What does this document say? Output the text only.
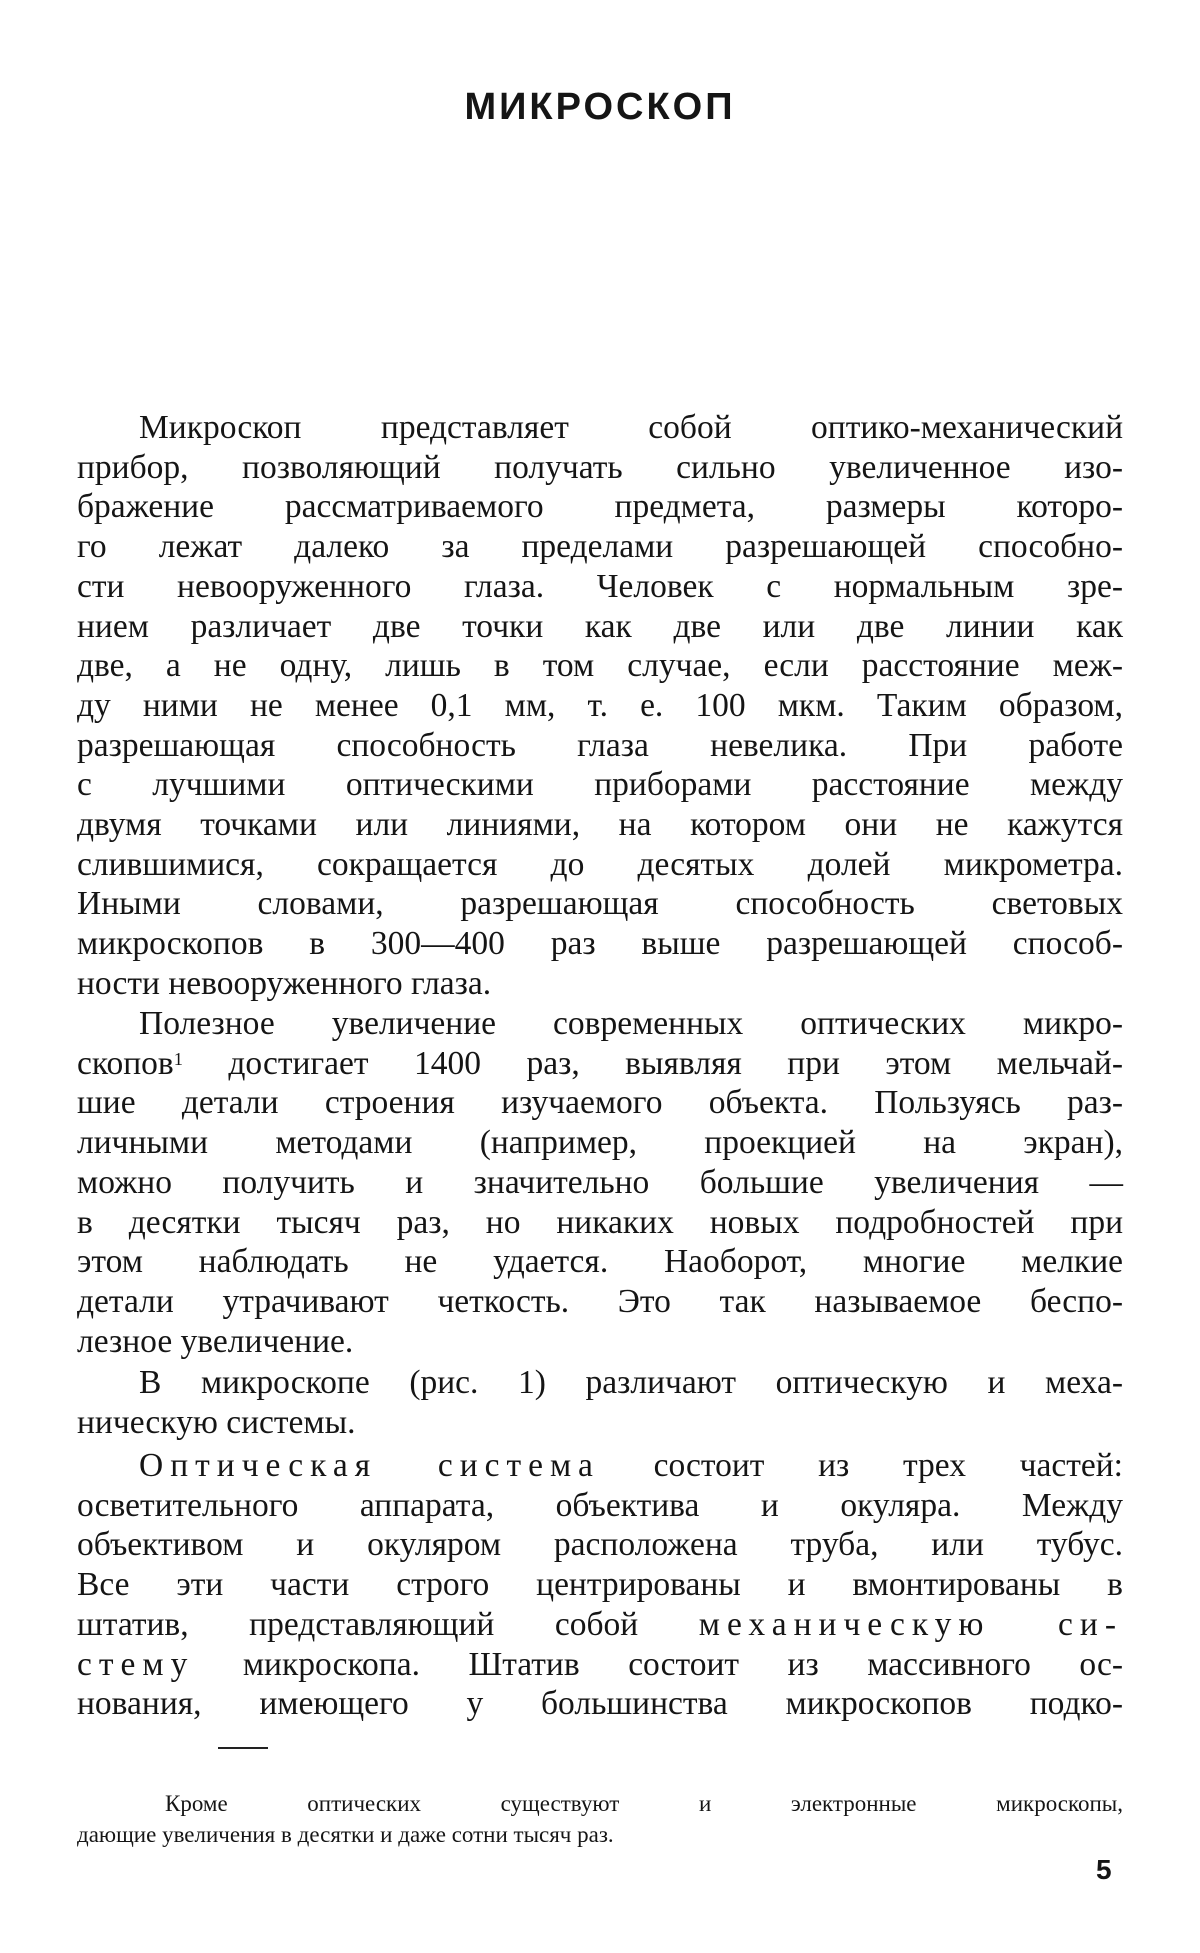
МИКРОСКОП

Микроскоп представляет собой оптико-механический

прибор, позволяющий получать сильно увеличенное изо-

бражение рассматриваемого предмета, размеры которо-

го лежат далеко за пределами разрешающей способно-

сти невооруженного глаза. Человек с нормальным зре-

нием различает две точки как две или две линии как

две, а не одну, лишь в том случае, если расстояние меж-

ду ними не менее 0,1 мм, т. е. 100 мкм. Таким образом,

разрешающая способность глаза невелика. При работе

с лучшими оптическими приборами расстояние между

двумя точками или линиями, на котором они не кажутся

слившимися, сокращается до десятых долей микрометра.

Иными словами, разрешающая способность световых

микроскопов в 300—400 раз выше разрешающей способ-

ности невооруженного глаза.

Полезное увеличение современных оптических микро-

скопов$^1$ достигает 1400 раз, выявляя при этом мельчай-

шие детали строения изучаемого объекта. Пользуясь раз-

личными методами (например, проекцией на экран),

можно получить и значительно большие увеличения —

в десятки тысяч раз, но никаких новых подробностей при

этом наблюдать не удается. Наоборот, многие мелкие

детали утрачивают четкость. Это так называемое беспо-

лезное увеличение.

В микроскопе (рис. 1) различают оптическую и меха-

ническую системы.

Оптическая система состоит из трех частей:

осветительного аппарата, объектива и окуляра. Между

объективом и окуляром расположена труба, или тубус.

Все эти части строго центрированы и вмонтированы в

штатив, представляющий собой механическую си-

стему микроскопа. Штатив состоит из массивного ос-

нования, имеющего у большинства микроскопов подко-

Кроме оптических существуют и электронные микроскопы,

дающие увеличения в десятки и даже сотни тысяч раз.

5
